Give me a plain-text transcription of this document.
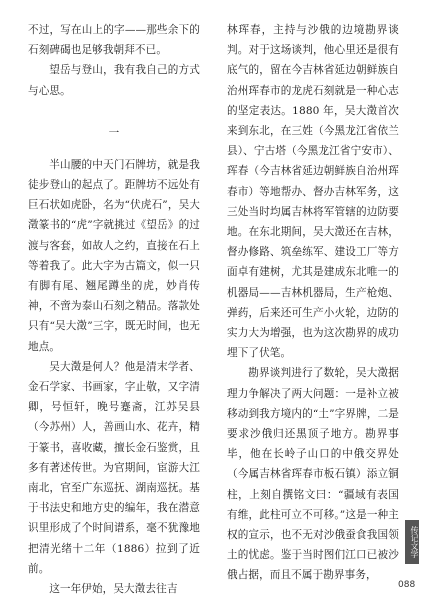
不过，写在山上的字——那些余下的石刻碑碣也足够我朝拜不已。

望岳与登山，我有我自己的方式与心思。

一

半山腰的中天门石牌坊，就是我徒步登山的起点了。距牌坊不远处有巨石状如虎卧，名为“伏虎石”，吴大澂篆书的“虎”字就挑过《望岳》的过渡与客套，如故人之约，直接在石上等着我了。此大字为古篇文，似一只有脚有尾、翘尾蹲坐的虎，妙肖传神，不啻为泰山石刻之精品。落款处只有“吴大澂”三字，既无时间，也无地点。

吴大澂是何人？他是清末学者、金石学家、书画家，字止敬，又字清卿，号恒轩，晚号蹇斋，江苏吴县（今苏州）人，善画山水、花卉，精于篆书，喜收藏，擅长金石鉴赏，且多有著述传世。为官期间，宦游大江南北，官至广东巡抚、湖南巡抚。基于书法史和地方史的编年，我在潜意识里形成了个时间谱系，毫不犹豫地把清光绪十二年（1886）拉到了近前。

这一年伊始，吴大澂去往吉

林珲春，主持与沙俄的边境勘界谈判。对于这场谈判，他心里还是很有底气的，留在今吉林省延边朝鲜族自治州珲春市的龙虎石刻就是一种心志的坚定表达。1880 年，吴大澂首次来到东北，在三姓（今黑龙江省依兰县）、宁古塔（今黑龙江省宁安市）、珲春（今吉林省延边朝鲜族自治州珲春市）等地帮办、督办吉林军务，这三处当时均属吉林将军管辖的边防要地。在东北期间，吴大澂还在吉林，督办修路、筑垒练军、建设工厂等方面卓有建树，尤其是建成东北唯一的机器局——吉林机器局，生产枪炮、弹药，后来还可生产小火轮，边防的实力大为增强，也为这次勘界的成功埋下了伏笔。

勘界谈判进行了数轮，吴大澂据理力争解决了两大问题：一是补立被移动到我方境内的“土”字界牌，二是要求沙俄归还黑顶子地方。勘界事毕，他在长岭子山口的中俄交界处（今属吉林省珲春市板石镇）添立铜柱，上刻自撰铭文曰：“疆域有表国有维，此柱可立不可移。”这是一种主权的宣示，也不无对沙俄蚕食我国领土的忧虑。鉴于当时图们江口已被沙俄占据，而且不属于勘界事务，

传记文学
088
